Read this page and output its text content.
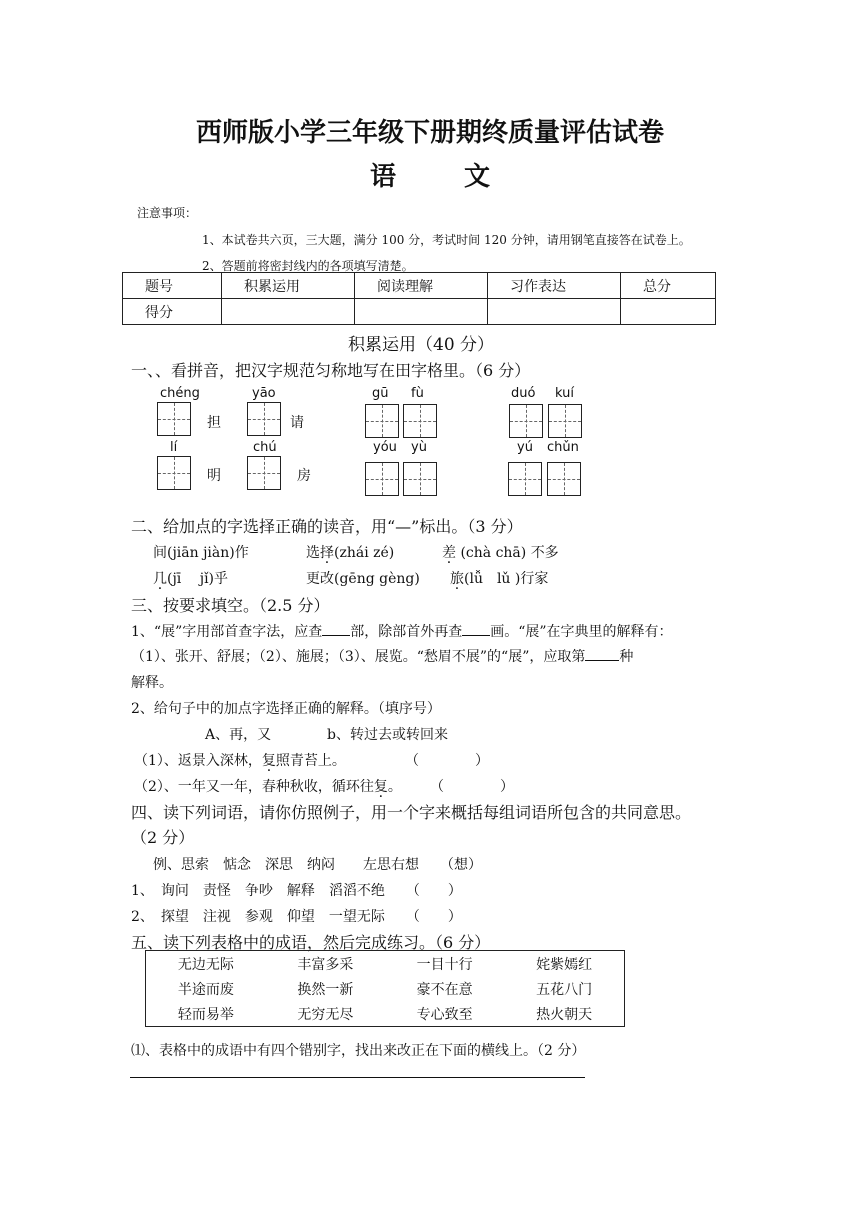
西师版小学三年级下册期终质量评估试卷
语	文
注意事项：
1、本试卷共六页，三大题，满分 100 分，考试时间 120 分钟，请用钢笔直接答在试卷上。
2、答题前将密封线内的各项填写清楚。
题号	积累运用	阅读理解	习作表达	总分
得分				
积累运用（40 分）
一、、看拼音，把汉字规范匀称地写在田字格里。（6 分）
chéng	yāo	gū fù	duó kuí
担	请
lí	chú	yóu yù	yú chǔn
明	房
二、给加点的字选择正确的读音，用“—”标出。（3 分）
间(jiān jiàn)作	选择(zhái zé)	差 (chà chā) 不多
几(jī　 jǐ)乎	更改(gēng gèng) 旅(lǚ　lǔ )行家
三、按要求填空。（2.5 分）
1、“展”字用部首查字法，应查 部，除部首外再查 画。“展”在字典里的解释有：
（1）、张开、舒展；（2）、施展；（3）、展览。“愁眉不展”的“展”，应取第 种
解释。
2、给句子中的加点字选择正确的解释。（填序号）
A、再，又	b、转过去或转回来
（1）、返景入深林，复照青苔上。	（　　　　）
（2）、一年又一年，春种秋收，循环往复。 （　　　　）
四、读下列词语，请你仿照例子，用一个字来概括每组词语所包含的共同意思。
（2 分）
例、思索　惦念　深思　纳闷　　左思右想　　（想）
1、　询问　责怪　争吵　解释　滔滔不绝　　（　　）
2、　探望　注视　参观　仰望　一望无际　　（　　）
五、读下列表格中的成语，然后完成练习。（6 分）
无边无际	丰富多采	一目十行	姹紫嫣红
半途而废	换然一新	豪不在意	五花八门
轻而易举	无穷无尽	专心致至	热火朝天
⑴、表格中的成语中有四个错别字，找出来改正在下面的横线上。（2 分）
